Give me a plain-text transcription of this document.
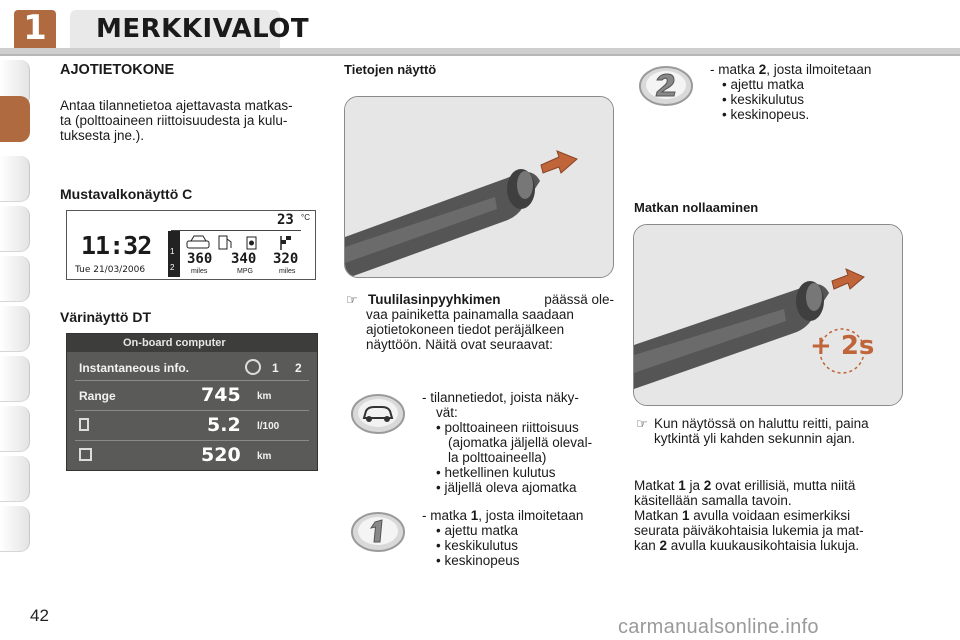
1	MERKKIVALOT
AJOTIETOKONE
Antaa tilannetietoa ajettavasta matkas-
ta (polttoaineen riittoisuudesta ja kulu-
tuksesta jne.).
Mustavalkonäyttö C
23 °C
11:32
Tue 21/03/2006
1
2
360 340 320
miles	MPG	miles
Värinäyttö DT
On-board computer
Instantaneous info.	1 2
Range	745 km
5.2 l/100
520 km
Tietojen näyttö
☞ Tuulilasinpyyhkimen	päässä ole-
vaa painiketta painamalla saadaan
ajotietokoneen tiedot peräjälkeen
näyttöön. Näitä ovat seuraavat:
- tilannetiedot, joista näky-
vät:
• polttoaineen riittoisuus
(ajomatka jäljellä oleval-
la polttoaineella)
• hetkellinen kulutus
• jäljellä oleva ajomatka
- matka 1, josta ilmoitetaan
• ajettu matka
• keskikulutus
• keskinopeus
- matka 2, josta ilmoitetaan
• ajettu matka
• keskikulutus
• keskinopeus.
Matkan nollaaminen
+ 2s
☞ Kun näytössä on haluttu reitti, paina
kytkintä yli kahden sekunnin ajan.
Matkat 1 ja 2 ovat erillisiä, mutta niitä
käsitellään samalla tavoin.
Matkan 1 avulla voidaan esimerkiksi
seurata päiväkohtaisia lukemia ja mat-
kan 2 avulla kuukausikohtaisia lukuja.
42
carmanualsonline.info
